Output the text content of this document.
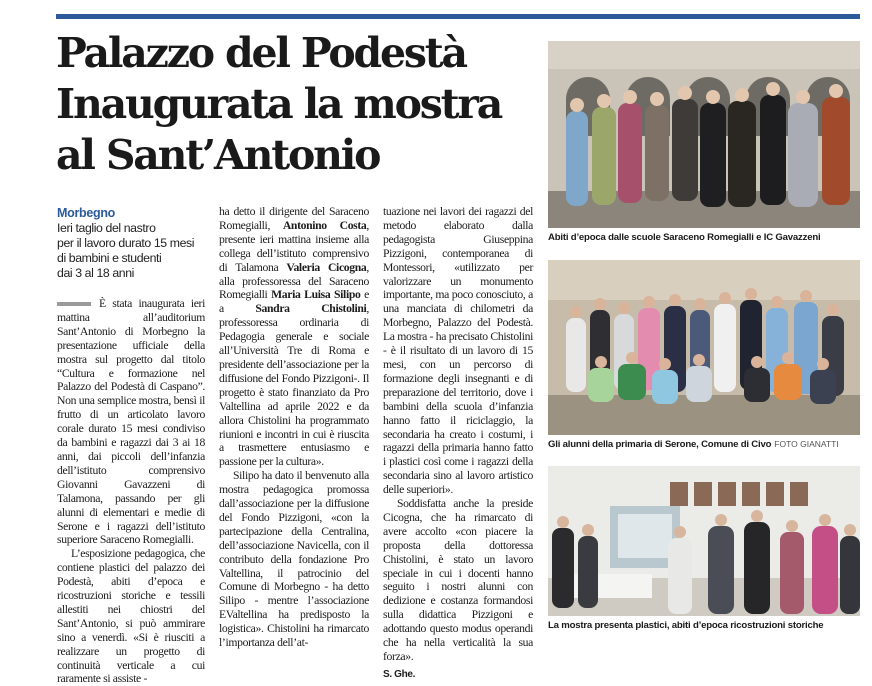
Palazzo del Podestà
Inaugurata la mostra
al Sant’Antonio
Morbegno
Ieri taglio del nastro
per il lavoro durato 15 mesi
di bambini e studenti
dai 3 al 18 anni

È stata inaugurata ieri mattina all’auditorium Sant’Antonio di Morbegno la presentazione ufficiale della mostra sul progetto dal titolo “Cultura e formazione nel Palazzo del Podestà di Caspano”. Non una semplice mostra, bensì il frutto di un articolato lavoro corale durato 15 mesi condiviso da bambini e ragazzi dai 3 ai 18 anni, dai piccoli dell’infanzia dell’istituto comprensivo Giovanni Gavazzeni di Talamona, passando per gli alunni di elementari e medie di Serone e i ragazzi dell’istituto superiore Saraceno Romegialli.

L’esposizione pedagogica, che contiene plastici del palazzo dei Podestà, abiti d’epoca e ricostruzioni storiche e tessili allestiti nei chiostri del Sant’Antonio, si può ammirare sino a venerdì. «Si è riusciti a realizzare un progetto di continuità verticale a cui raramente si assiste -

ha detto il dirigente del Saraceno Romegialli, Antonino Costa, presente ieri mattina insieme alla collega dell’istituto comprensivo di Talamona Valeria Cicogna, alla professoressa del Saraceno Romegialli Maria Luisa Silipo e a Sandra Chistolini, professoressa ordinaria di Pedagogia generale e sociale all’Università Tre di Roma e presidente dell’associazione per la diffusione del Fondo Pizzigoni-. Il progetto è stato finanziato da Pro Valtellina ad aprile 2022 e da allora Chistolini ha programmato riunioni e incontri in cui è riuscita a trasmettere entusiasmo e passione per la cultura».

Silipo ha dato il benvenuto alla mostra pedagogica promossa dall’associazione per la diffusione del Fondo Pizzigoni, «con la partecipazione della Centralina, dell’associazione Navicella, con il contributo della fondazione Pro Valtellina, il patrocinio del Comune di Morbegno - ha detto Silipo - mentre l’associazione EValtellina ha predisposto la logistica». Chistolini ha rimarcato l’importanza dell’at-

tuazione nei lavori dei ragazzi del metodo elaborato dalla pedagogista Giuseppina Pizzigoni, contemporanea di Montessori, «utilizzato per valorizzare un monumento importante, ma poco conosciuto, a una manciata di chilometri da Morbegno, Palazzo del Podestà. La mostra - ha precisato Chistolini - è il risultato di un lavoro di 15 mesi, con un percorso di formazione degli insegnanti e di preparazione del territorio, dove i bambini della scuola d’infanzia hanno fatto il riciclaggio, la secondaria ha creato i costumi, i ragazzi della primaria hanno fatto i plastici così come i ragazzi della secondaria sino al lavoro artistico delle superiori».

Soddisfatta anche la preside Cicogna, che ha rimarcato di avere accolto «con piacere la proposta della dottoressa Chistolini, è stato un lavoro speciale in cui i docenti hanno seguito i nostri alunni con dedizione e costanza formandosi sulla didattica Pizzigoni e adottando questo modus operandi che ha nella verticalità la sua forza».

S. Ghe.
Abiti d’epoca dalle scuole Saraceno Romegialli e IC Gavazzeni
Gli alunni della primaria di Serone, Comune di Civo FOTO GIANATTI
La mostra presenta plastici, abiti d’epoca ricostruzioni storiche
